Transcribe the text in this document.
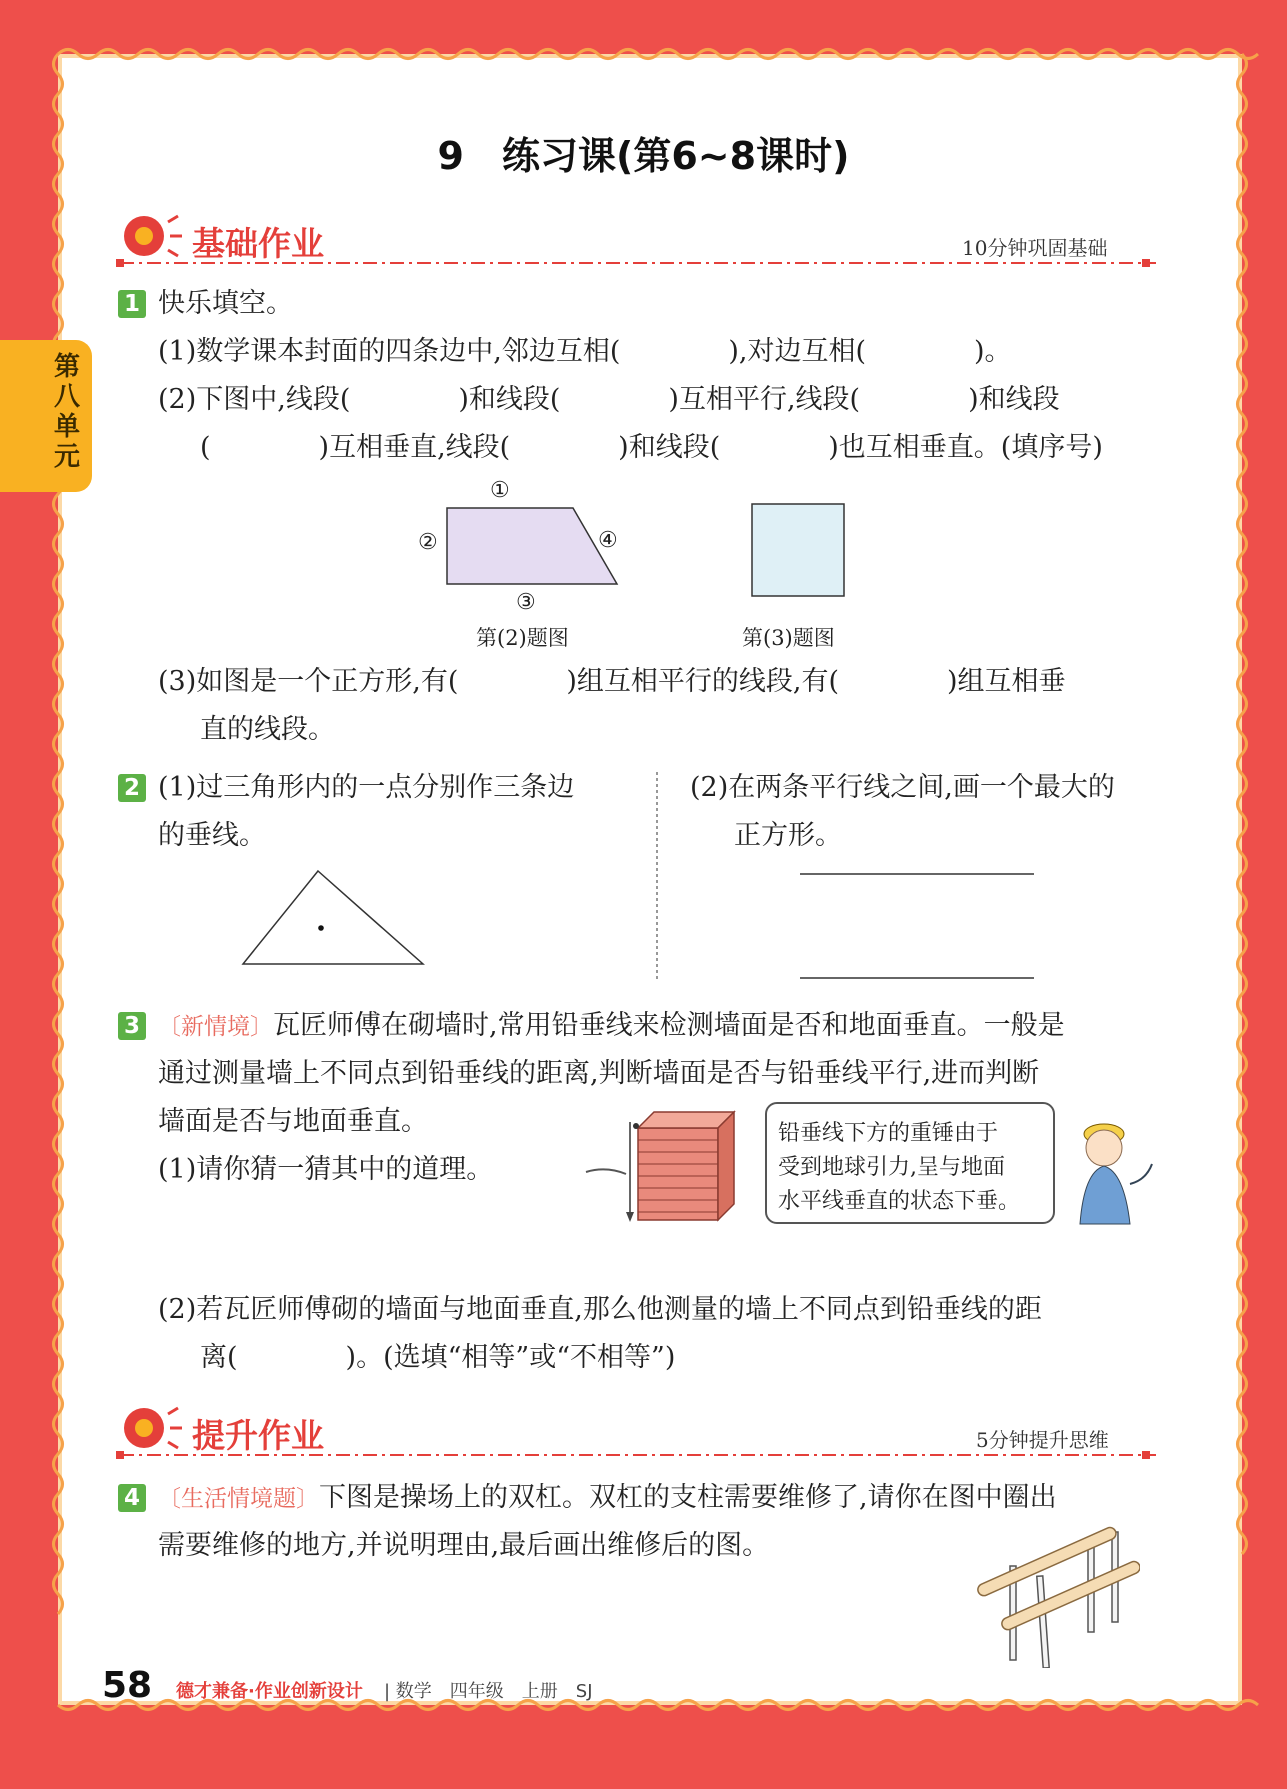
第八单元
9　练习课(第6~8课时)
基础作业	10分钟巩固基础
1 快乐填空。
(1)数学课本封面的四条边中,邻边互相(　　　　),对边互相(　　　　)。
(2)下图中,线段(　　　　)和线段(　　　　)互相平行,线段(　　　　)和线段
(　　　　)互相垂直,线段(　　　　)和线段(　　　　)也互相垂直。(填序号)
①
②
③
④
第(2)题图	第(3)题图
(3)如图是一个正方形,有(　　　　)组互相平行的线段,有(　　　　)组互相垂
直的线段。
2 (1)过三角形内的一点分别作三条边
的垂线。
(2)在两条平行线之间,画一个最大的
正方形。
3 〔新情境〕瓦匠师傅在砌墙时,常用铅垂线来检测墙面是否和地面垂直。一般是
通过测量墙上不同点到铅垂线的距离,判断墙面是否与铅垂线平行,进而判断
墙面是否与地面垂直。
(1)请你猜一猜其中的道理。
铅垂线下方的重锤由于
受到地球引力,呈与地面
水平线垂直的状态下垂。
(2)若瓦匠师傅砌的墙面与地面垂直,那么他测量的墙上不同点到铅垂线的距
离(　　　　)。(选填“相等”或“不相等”)
提升作业	5分钟提升思维
4 〔生活情境题〕下图是操场上的双杠。双杠的支柱需要维修了,请你在图中圈出
需要维修的地方,并说明理由,最后画出维修后的图。
58 德才兼备·作业创新设计 | 数学　四年级　上册　SJ
